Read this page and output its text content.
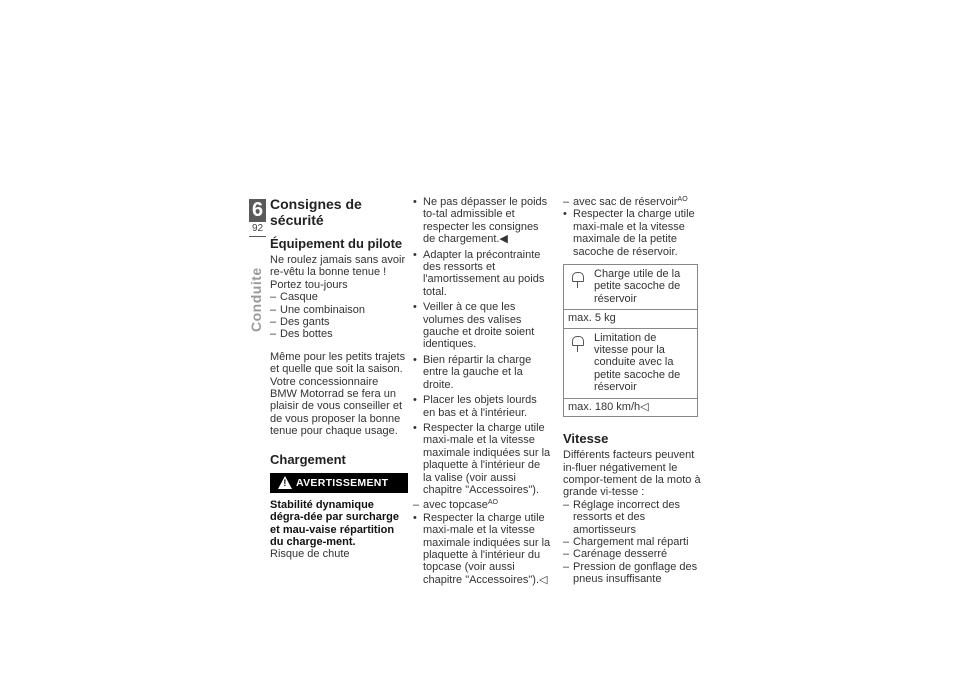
6
92
Conduite
Consignes de sécurité
Équipement du pilote

Ne roulez jamais sans avoir re-vêtu la bonne tenue ! Portez tou-jours

– Casque
– Une combinaison
– Des gants
– Des bottes

Même pour les petits trajets et quelle que soit la saison. Votre concessionnaire BMW Motorrad se fera un plaisir de vous conseiller et de vous proposer la bonne tenue pour chaque usage.

Chargement
! AVERTISSEMENT

Stabilité dynamique dégra-dée par surcharge et mau-vaise répartition du charge-ment.

Risque de chute

• Ne pas dépasser le poids to-tal admissible et respecter les consignes de chargement.◀
• Adapter la précontrainte des ressorts et l'amortissement au poids total.
• Veiller à ce que les volumes des valises gauche et droite soient identiques.
• Bien répartir la charge entre la gauche et la droite.
• Placer les objets lourds en bas et à l'intérieur.
• Respecter la charge utile maxi-male et la vitesse maximale indiquées sur la plaquette à l'intérieur de la valise (voir aussi chapitre "Accessoires").
– avec topcase$^{AO}$
• Respecter la charge utile maxi-male et la vitesse maximale indiquées sur la plaquette à l'intérieur du topcase (voir aussi chapitre "Accessoires").◁
– avec sac de réservoir$^{AO}$
• Respecter la charge utile maxi-male et la vitesse maximale de la petite sacoche de réservoir.
Charge utile de la petite sacoche de réservoir
max. 5 kg
Limitation de vitesse pour la conduite avec la petite sacoche de réservoir
max. 180 km/h◁
Vitesse

Différents facteurs peuvent in-fluer négativement le compor-tement de la moto à grande vi-tesse :

– Réglage incorrect des ressorts et des amortisseurs
– Chargement mal réparti
– Carénage desserré
– Pression de gonflage des pneus insuffisante
